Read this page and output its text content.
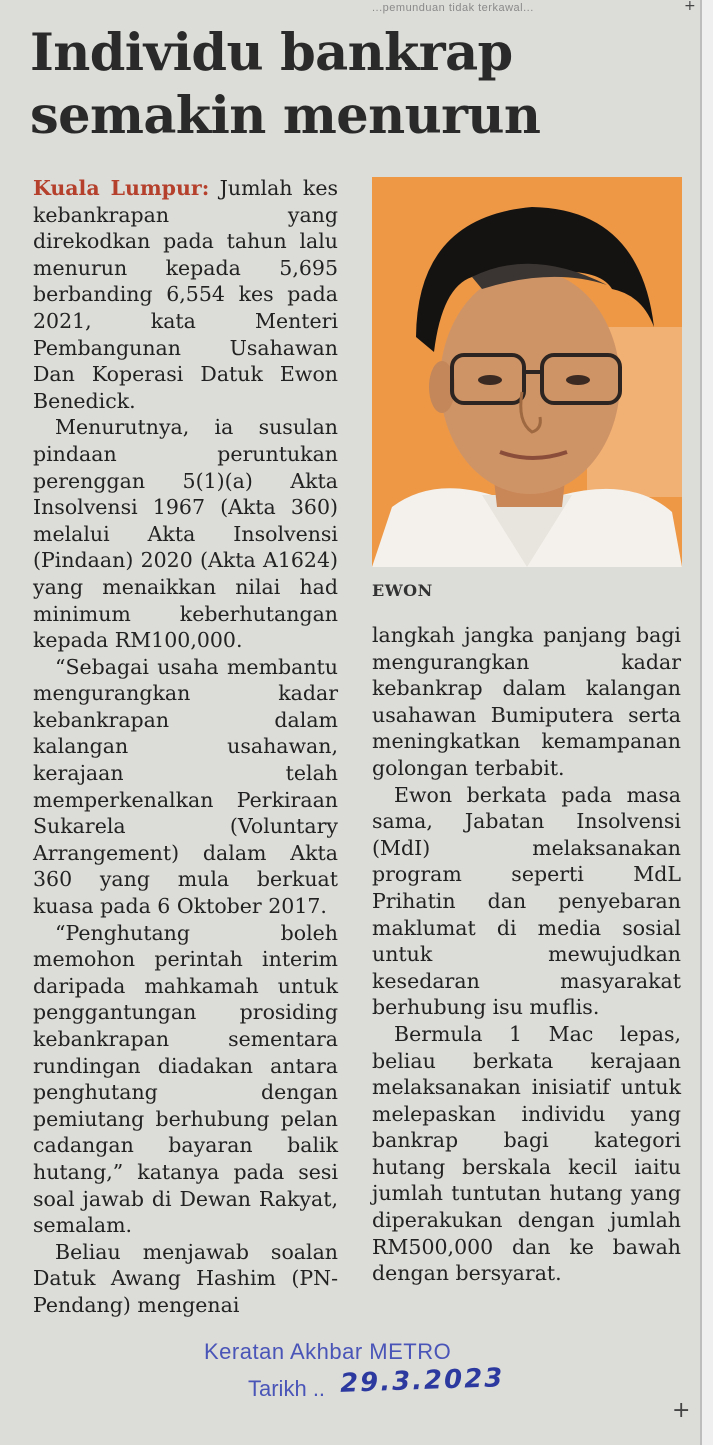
...pemunduan tidak terkawal...
Individu bankrap
semakin menurun

Kuala Lumpur: Jumlah kes kebankrapan yang direkodkan pada tahun lalu menurun kepada 5,695 berbanding 6,554 kes pada 2021, kata Menteri Pembangunan Usahawan Dan Koperasi Datuk Ewon Benedick.

Menurutnya, ia susulan pindaan peruntukan perenggan 5(1)(a) Akta Insolvensi 1967 (Akta 360) melalui Akta Insolvensi (Pindaan) 2020 (Akta A1624) yang menaikkan nilai had minimum keberhutangan kepada RM100,000.

“Sebagai usaha membantu mengurangkan kadar kebankrapan dalam kalangan usahawan, kerajaan telah memperkenalkan Perkiraan Sukarela (Voluntary Arrangement) dalam Akta 360 yang mula berkuat kuasa pada 6 Oktober 2017.

“Penghutang boleh memohon perintah interim daripada mahkamah untuk penggantungan prosiding kebankrapan sementara rundingan diadakan antara penghutang dengan pemiutang berhubung pelan cadangan bayaran balik hutang,” katanya pada sesi soal jawab di Dewan Rakyat, semalam.

Beliau menjawab soalan Datuk Awang Hashim (PN-Pendang) mengenai

EWON

langkah jangka panjang bagi mengurangkan kadar kebankrap dalam kalangan usahawan Bumiputera serta meningkatkan kemampanan golongan terbabit.

Ewon berkata pada masa sama, Jabatan Insolvensi (MdI) melaksanakan program seperti MdL Prihatin dan penyebaran maklumat di media sosial untuk mewujudkan kesedaran masyarakat berhubung isu muflis.

Bermula 1 Mac lepas, beliau berkata kerajaan melaksanakan inisiatif untuk melepaskan individu yang bankrap bagi kategori hutang berskala kecil iaitu jumlah tuntutan hutang yang diperakukan dengan jumlah RM500,000 dan ke bawah dengan bersyarat.

Keratan Akhbar METRO
Tarikh .. 29.3.2023
+
+
